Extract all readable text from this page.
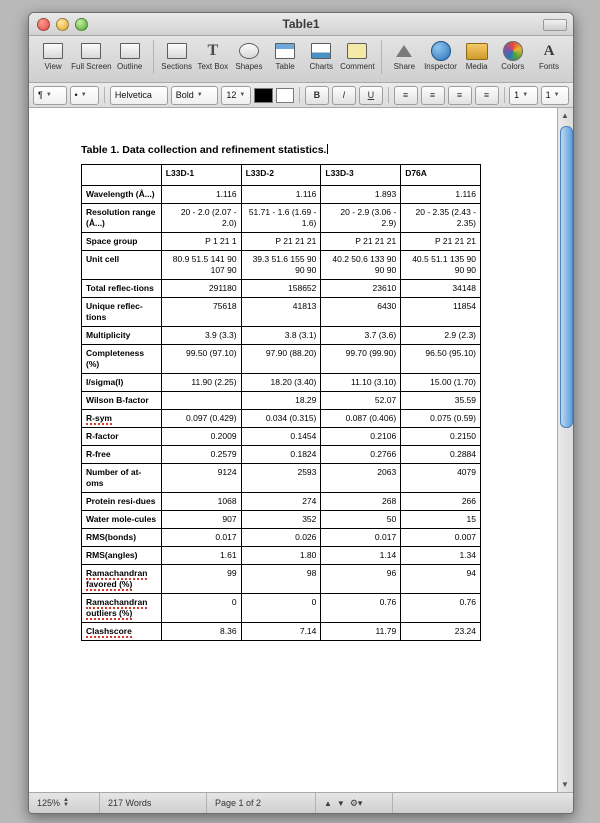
Table1
View	Full Screen Outline	Sections
T
Text Box Shapes	Table	Charts Comment	Share	Inspector	Media	Colors
A
Fonts
¶ ▼	• ▼	Helvetica	Bold ▼	12 ▼	B	I	U	≡ ≡ ≡ ≡	1 ▼ 1 ▼
Table 1. Data collection and refinement statistics.
	L33D-1	L33D-2	L33D-3	D76A
Wavelength (Å...)	1.116	1.116	1.893	1.116
Resolution range (Å...)	20 - 2.0 (2.07 - 2.0)	51.71 - 1.6 (1.69 - 1.6)	20 - 2.9 (3.06 - 2.9)	20 - 2.35 (2.43 - 2.35)
Space group	P 1 21 1	P 21 21 21	P 21 21 21	P 21 21 21
Unit cell	80.9 51.5 141 90 107 90	39.3 51.6 155 90 90 90	40.2 50.6 133 90 90 90	40.5 51.1 135 90 90 90
Total reflec-tions	291180	158652	23610	34148
Unique reflec-tions	75618	41813	6430	11854
Multiplicity	3.9 (3.3)	3.8 (3.1)	3.7 (3.6)	2.9 (2.3)
Completeness (%)	99.50 (97.10)	97.90 (88.20)	99.70 (99.90)	96.50 (95.10)
I/sigma(I)	11.90 (2.25)	18.20 (3.40)	11.10 (3.10)	15.00 (1.70)
Wilson B-factor		18.29	52.07	35.59
R-sym	0.097 (0.429)	0.034 (0.315)	0.087 (0.406)	0.075 (0.59)
R-factor	0.2009	0.1454	0.2106	0.2150
R-free	0.2579	0.1824	0.2766	0.2884
Number of at-oms	9124	2593	2063	4079
Protein resi-dues	1068	274	268	266
Water mole-cules	907	352	50	15
RMS(bonds)	0.017	0.026	0.017	0.007
RMS(angles)	1.61	1.80	1.14	1.34
Ramachandran favored (%)	99	98	96	94
Ramachandran outliers (%)	0	0	0.76	0.76
Clashscore	8.36	7.14	11.79	23.24
▲
▼
125% ▲
▼	217 Words	Page 1 of 2	▲ ▼ ⚙▾
